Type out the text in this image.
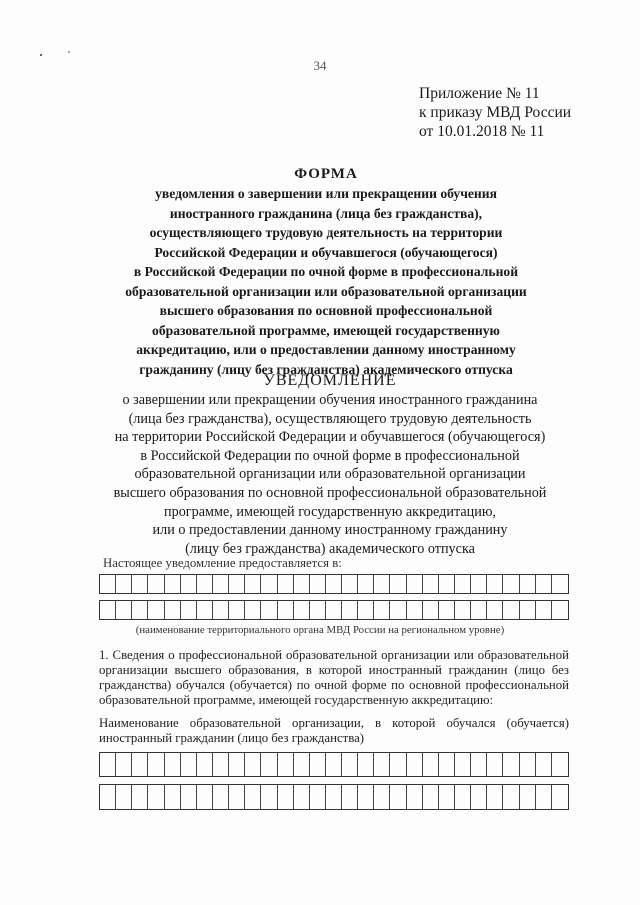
34
Приложение № 11
к приказу МВД России
от 10.01.2018 № 11
ФОРМА
уведомления о завершении или прекращении обучения
иностранного гражданина (лица без гражданства),
осуществляющего трудовую деятельность на территории
Российской Федерации и обучавшегося (обучающегося)
в Российской Федерации по очной форме в профессиональной
образовательной организации или образовательной организации
высшего образования по основной профессиональной
образовательной программе, имеющей государственную
аккредитацию, или о предоставлении данному иностранному
гражданину (лицу без гражданства) академического отпуска
УВЕДОМЛЕНИЕ
о завершении или прекращении обучения иностранного гражданина
(лица без гражданства), осуществляющего трудовую деятельность
на территории Российской Федерации и обучавшегося (обучающегося)
в Российской Федерации по очной форме в профессиональной
образовательной организации или образовательной организации
высшего образования по основной профессиональной образовательной
программе, имеющей государственную аккредитацию,
или о предоставлении данному иностранному гражданину
(лицу без гражданства) академического отпуска
Настоящее уведомление предоставляется в:
(наименование территориального органа МВД России на региональном уровне)
1. Сведения о профессиональной образовательной организации или образовательной
организации высшего образования, в которой иностранный гражданин (лицо без
гражданства) обучался (обучается) по очной форме по основной профессиональной
образовательной программе, имеющей государственную аккредитацию:
Наименование образовательной организации, в которой обучался (обучается)
иностранный гражданин (лицо без гражданства)
